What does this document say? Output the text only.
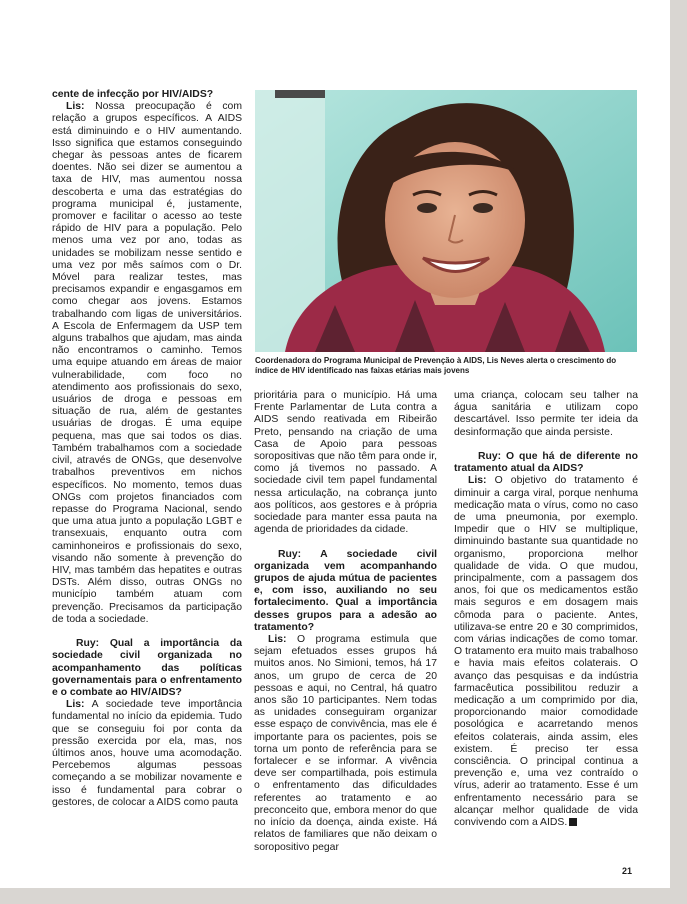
cente de infecção por HIV/AIDS?

Lis: Nossa preocupação é com relação a grupos específicos. A AIDS está diminuindo e o HIV aumentando. Isso significa que estamos conseguindo chegar às pessoas antes de ficarem doentes. Não sei dizer se aumentou a taxa de HIV, mas aumentou nossa descoberta e uma das estratégias do programa municipal é, justamente, promover e facilitar o acesso ao teste rápido de HIV para a população. Pelo menos uma vez por ano, todas as unidades se mobilizam nesse sentido e uma vez por mês saímos com o Dr. Móvel para realizar testes, mas precisamos expandir e engasgamos em como chegar aos jovens. Estamos trabalhando com ligas de universitários. A Escola de Enfermagem da USP tem alguns trabalhos que ajudam, mas ainda não encontramos o caminho. Temos uma equipe atuando em áreas de maior vulnerabilidade, com foco no atendimento aos profissionais do sexo, usuários de droga e pessoas em situação de rua, além de gestantes usuárias de drogas. É uma equipe pequena, mas que sai todos os dias. Também trabalhamos com a sociedade civil, através de ONGs, que desenvolve trabalhos preventivos em nichos específicos. No momento, temos duas ONGs com projetos financiados com repasse do Programa Nacional, sendo que uma atua junto a população LGBT e transexuais, enquanto outra com caminhoneiros e profissionais do sexo, visando não somente à prevenção do HIV, mas também das hepatites e outras DSTs. Além disso, outras ONGs no município também atuam com prevenção. Precisamos da participação de toda a sociedade.

Ruy: Qual a importância da sociedade civil organizada no acompanhamento das políticas governamentais para o enfrentamento e o combate ao HIV/AIDS?

Lis: A sociedade teve importância fundamental no início da epidemia. Tudo que se conseguiu foi por conta da pressão exercida por ela, mas, nos últimos anos, houve uma acomodação. Percebemos algumas pessoas começando a se mobilizar novamente e isso é fundamental para cobrar o gestores, de colocar a AIDS como pauta

Coordenadora do Programa Municipal de Prevenção à AIDS, Lis Neves alerta o crescimento do índice de HIV identificado nas faixas etárias mais jovens

prioritária para o município. Há uma Frente Parlamentar de Luta contra a AIDS sendo reativada em Ribeirão Preto, pensando na criação de uma Casa de Apoio para pessoas soropositivas que não têm para onde ir, como já tivemos no passado. A sociedade civil tem papel fundamental nessa articulação, na cobrança junto aos políticos, aos gestores e à própria sociedade para manter essa pauta na agenda de prioridades da cidade.

Ruy: A sociedade civil organizada vem acompanhando grupos de ajuda mútua de pacientes e, com isso, auxiliando no seu fortalecimento. Qual a importância desses grupos para a adesão ao tratamento?

Lis: O programa estimula que sejam efetuados esses grupos há muitos anos. No Simioni, temos, há 17 anos, um grupo de cerca de 20 pessoas e aqui, no Central, há quatro anos são 10 participantes. Nem todas as unidades conseguiram organizar esse espaço de convivência, mas ele é importante para os pacientes, pois se torna um ponto de referência para se fortalecer e se informar. A vivência deve ser compartilhada, pois estimula o enfrentamento das dificuldades referentes ao tratamento e ao preconceito que, embora menor do que no início da doença, ainda existe. Há relatos de familiares que não deixam o soropositivo pegar

uma criança, colocam seu talher na água sanitária e utilizam copo descartável. Isso permite ter ideia da desinformação que ainda persiste.

Ruy: O que há de diferente no tratamento atual da AIDS?

Lis: O objetivo do tratamento é diminuir a carga viral, porque nenhuma medicação mata o vírus, como no caso de uma pneumonia, por exemplo. Impedir que o HIV se multiplique, diminuindo bastante sua quantidade no organismo, proporciona melhor qualidade de vida. O que mudou, principalmente, com a passagem dos anos, foi que os medicamentos estão mais seguros e em dosagem mais cômoda para o paciente. Antes, utilizava-se entre 20 e 30 comprimidos, com várias indicações de como tomar. O tratamento era muito mais trabalhoso e havia mais efeitos colaterais. O avanço das pesquisas e da indústria farmacêutica possibilitou reduzir a medicação a um comprimido por dia, proporcionando maior comodidade posológica e acarretando menos efeitos colaterais, ainda assim, eles existem. É preciso ter essa consciência. O principal continua a prevenção e, uma vez contraído o vírus, aderir ao tratamento. Esse é um enfrentamento necessário para se alcançar melhor qualidade de vida convivendo com a AIDS.

21
